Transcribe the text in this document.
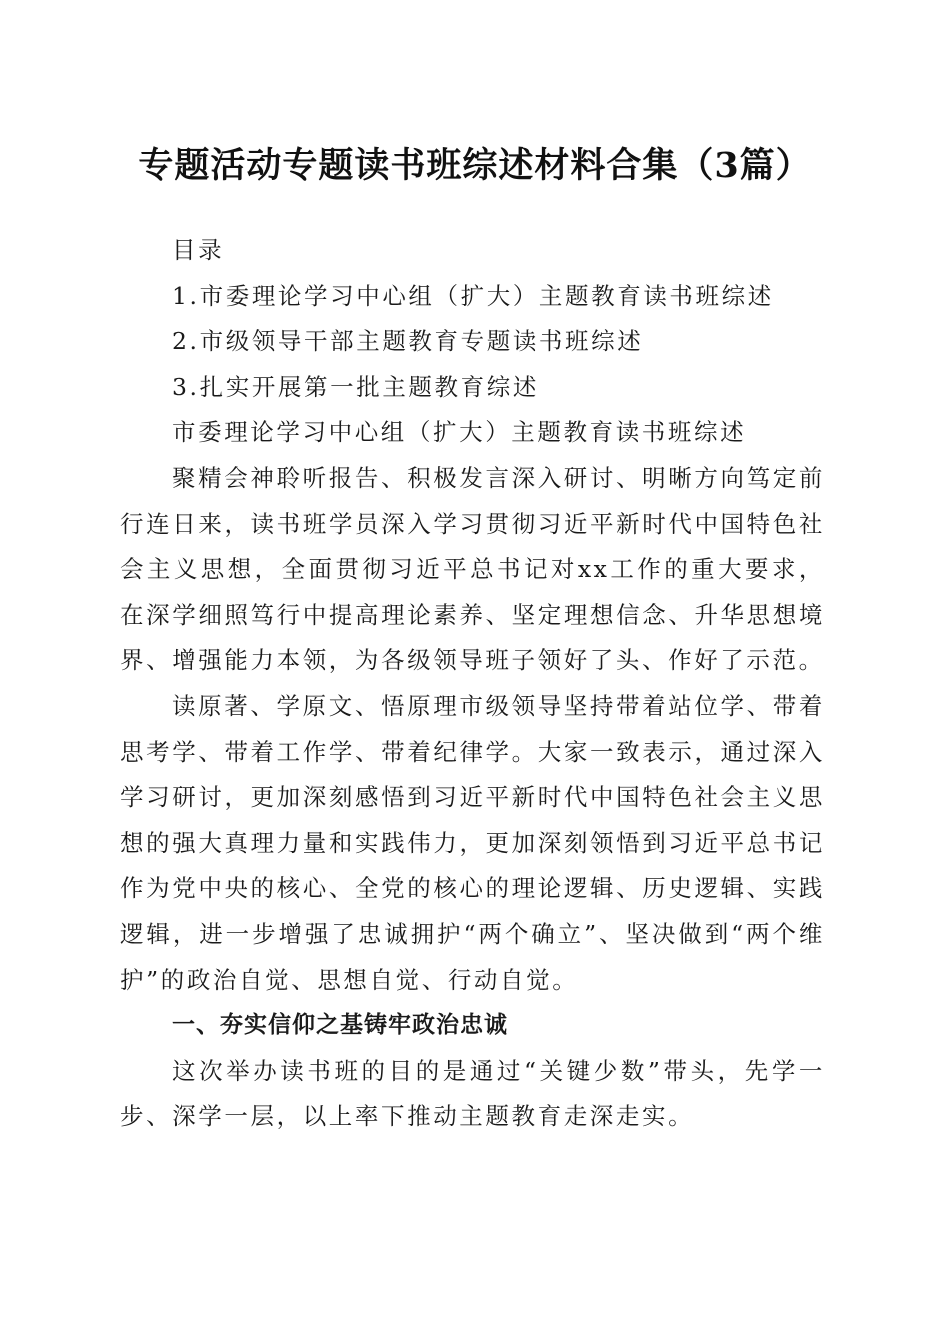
专题活动专题读书班综述材料合集（3篇）

目录

1.市委理论学习中心组（扩大）主题教育读书班综述

2.市级领导干部主题教育专题读书班综述

3.扎实开展第一批主题教育综述

市委理论学习中心组（扩大）主题教育读书班综述

聚精会神聆听报告、积极发言深入研讨、明晰方向笃定前行连日来，读书班学员深入学习贯彻习近平新时代中国特色社会主义思想，全面贯彻习近平总书记对xx工作的重大要求，在深学细照笃行中提高理论素养、坚定理想信念、升华思想境界、增强能力本领，为各级领导班子领好了头、作好了示范。

读原著、学原文、悟原理市级领导坚持带着站位学、带着思考学、带着工作学、带着纪律学。大家一致表示，通过深入学习研讨，更加深刻感悟到习近平新时代中国特色社会主义思想的强大真理力量和实践伟力，更加深刻领悟到习近平总书记作为党中央的核心、全党的核心的理论逻辑、历史逻辑、实践逻辑，进一步增强了忠诚拥护“两个确立”、坚决做到“两个维护”的政治自觉、思想自觉、行动自觉。

一、夯实信仰之基铸牢政治忠诚

这次举办读书班的目的是通过“关键少数”带头，先学一步、深学一层，以上率下推动主题教育走深走实。
